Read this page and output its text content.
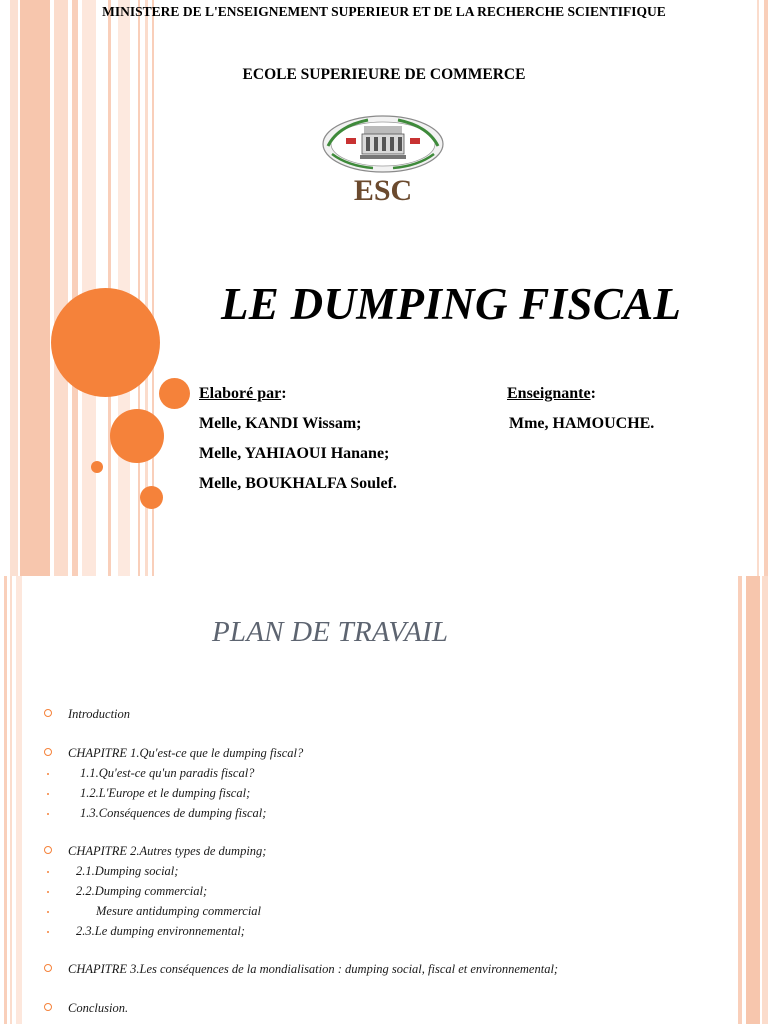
MINISTERE DE L'ENSEIGNEMENT SUPERIEUR ET DE LA RECHERCHE SCIENTIFIQUE
ECOLE SUPERIEURE DE COMMERCE
ESC
LE DUMPING FISCAL
Elaboré par:
Melle, KANDI Wissam;
Melle, YAHIAOUI Hanane;
Melle, BOUKHALFA Soulef.
Enseignante:
Mme, HAMOUCHE.
PLAN DE TRAVAIL
Introduction
CHAPITRE 1.Qu'est-ce que le dumping fiscal?
1.1.Qu'est-ce qu'un paradis fiscal?
1.2.L'Europe et le dumping fiscal;
1.3.Conséquences de dumping fiscal;
CHAPITRE 2.Autres types de dumping;
2.1.Dumping social;
2.2.Dumping commercial;
Mesure antidumping commercial
2.3.Le dumping environnemental;
CHAPITRE 3.Les conséquences de la mondialisation : dumping social, fiscal et environnemental;
Conclusion.
